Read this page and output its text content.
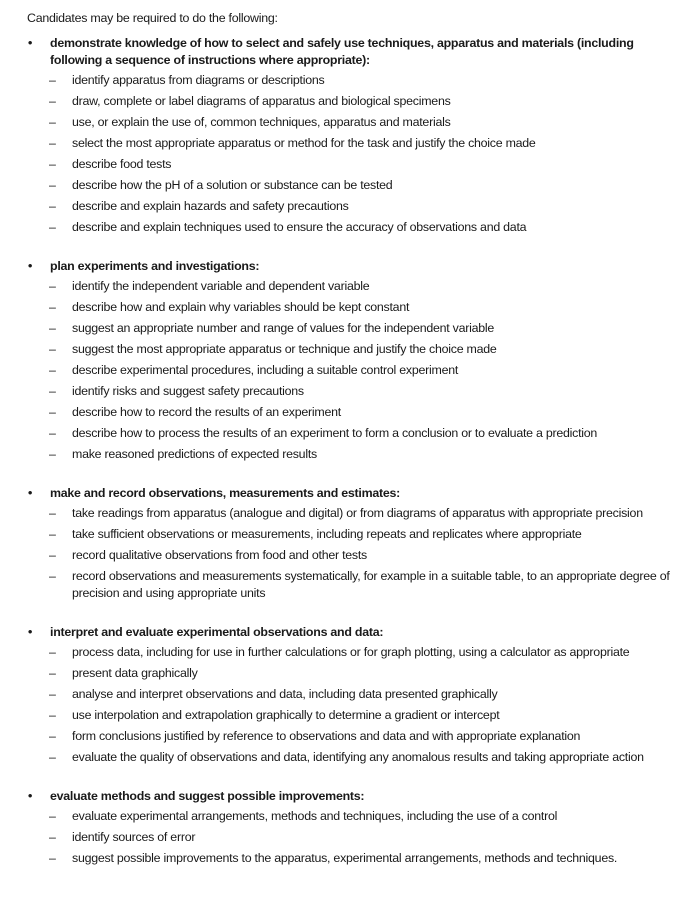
Candidates may be required to do the following:

• demonstrate knowledge of how to select and safely use techniques, apparatus and materials (including following a sequence of instructions where appropriate):
– identify apparatus from diagrams or descriptions
– draw, complete or label diagrams of apparatus and biological specimens
– use, or explain the use of, common techniques, apparatus and materials
– select the most appropriate apparatus or method for the task and justify the choice made
– describe food tests
– describe how the pH of a solution or substance can be tested
– describe and explain hazards and safety precautions
– describe and explain techniques used to ensure the accuracy of observations and data
• plan experiments and investigations:
– identify the independent variable and dependent variable
– describe how and explain why variables should be kept constant
– suggest an appropriate number and range of values for the independent variable
– suggest the most appropriate apparatus or technique and justify the choice made
– describe experimental procedures, including a suitable control experiment
– identify risks and suggest safety precautions
– describe how to record the results of an experiment
– describe how to process the results of an experiment to form a conclusion or to evaluate a prediction
– make reasoned predictions of expected results
• make and record observations, measurements and estimates:
– take readings from apparatus (analogue and digital) or from diagrams of apparatus with appropriate precision
– take sufficient observations or measurements, including repeats and replicates where appropriate
– record qualitative observations from food and other tests
– record observations and measurements systematically, for example in a suitable table, to an appropriate degree of precision and using appropriate units
• interpret and evaluate experimental observations and data:
– process data, including for use in further calculations or for graph plotting, using a calculator as appropriate
– present data graphically
– analyse and interpret observations and data, including data presented graphically
– use interpolation and extrapolation graphically to determine a gradient or intercept
– form conclusions justified by reference to observations and data and with appropriate explanation
– evaluate the quality of observations and data, identifying any anomalous results and taking appropriate action
• evaluate methods and suggest possible improvements:
– evaluate experimental arrangements, methods and techniques, including the use of a control
– identify sources of error
– suggest possible improvements to the apparatus, experimental arrangements, methods and techniques.
